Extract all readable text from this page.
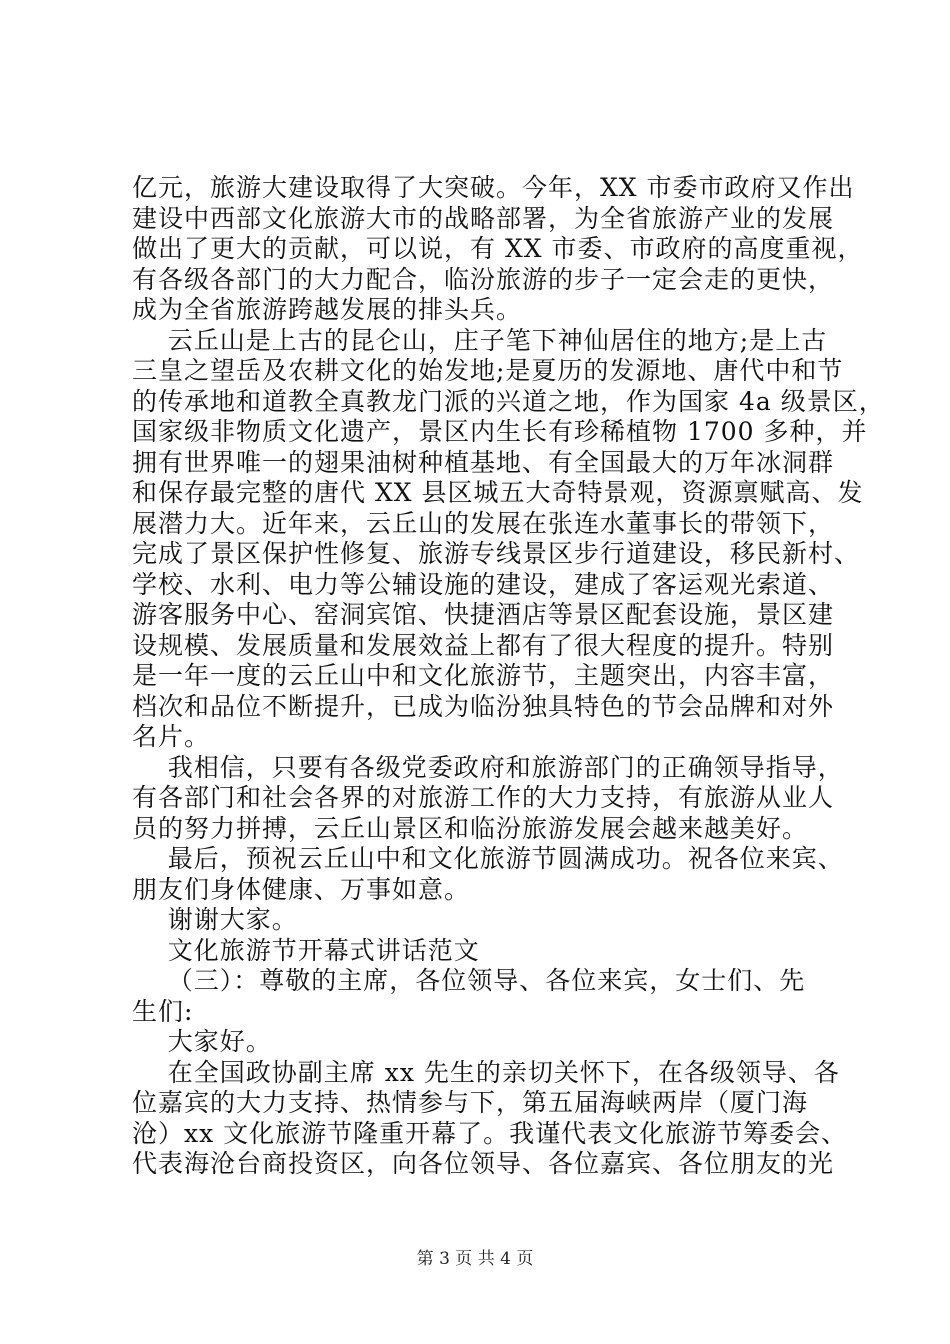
亿元，旅游大建设取得了大突破。今年，XX 市委市政府又作出
建设中西部文化旅游大市的战略部署，为全省旅游产业的发展
做出了更大的贡献，可以说，有 XX 市委、市政府的高度重视，
有各级各部门的大力配合，临汾旅游的步子一定会走的更快，
成为全省旅游跨越发展的排头兵。
云丘山是上古的昆仑山，庄子笔下神仙居住的地方;是上古
三皇之望岳及农耕文化的始发地;是夏历的发源地、唐代中和节
的传承地和道教全真教龙门派的兴道之地，作为国家 4a 级景区，
国家级非物质文化遗产，景区内生长有珍稀植物 1700 多种，并
拥有世界唯一的翅果油树种植基地、有全国最大的万年冰洞群
和保存最完整的唐代 XX 县区城五大奇特景观，资源禀赋高、发
展潜力大。近年来，云丘山的发展在张连水董事长的带领下，
完成了景区保护性修复、旅游专线景区步行道建设，移民新村、
学校、水利、电力等公辅设施的建设，建成了客运观光索道、
游客服务中心、窑洞宾馆、快捷酒店等景区配套设施，景区建
设规模、发展质量和发展效益上都有了很大程度的提升。特别
是一年一度的云丘山中和文化旅游节，主题突出，内容丰富，
档次和品位不断提升，已成为临汾独具特色的节会品牌和对外
名片。
我相信，只要有各级党委政府和旅游部门的正确领导指导，
有各部门和社会各界的对旅游工作的大力支持，有旅游从业人
员的努力拼搏，云丘山景区和临汾旅游发展会越来越美好。
最后，预祝云丘山中和文化旅游节圆满成功。祝各位来宾、
朋友们身体健康、万事如意。
谢谢大家。
文化旅游节开幕式讲话范文
（三）：尊敬的主席，各位领导、各位来宾，女士们、先
生们:
大家好。
在全国政协副主席 xx 先生的亲切关怀下，在各级领导、各
位嘉宾的大力支持、热情参与下，第五届海峡两岸（厦门海
沧）xx 文化旅游节隆重开幕了。我谨代表文化旅游节筹委会、
代表海沧台商投资区，向各位领导、各位嘉宾、各位朋友的光
第 3 页 共 4 页
